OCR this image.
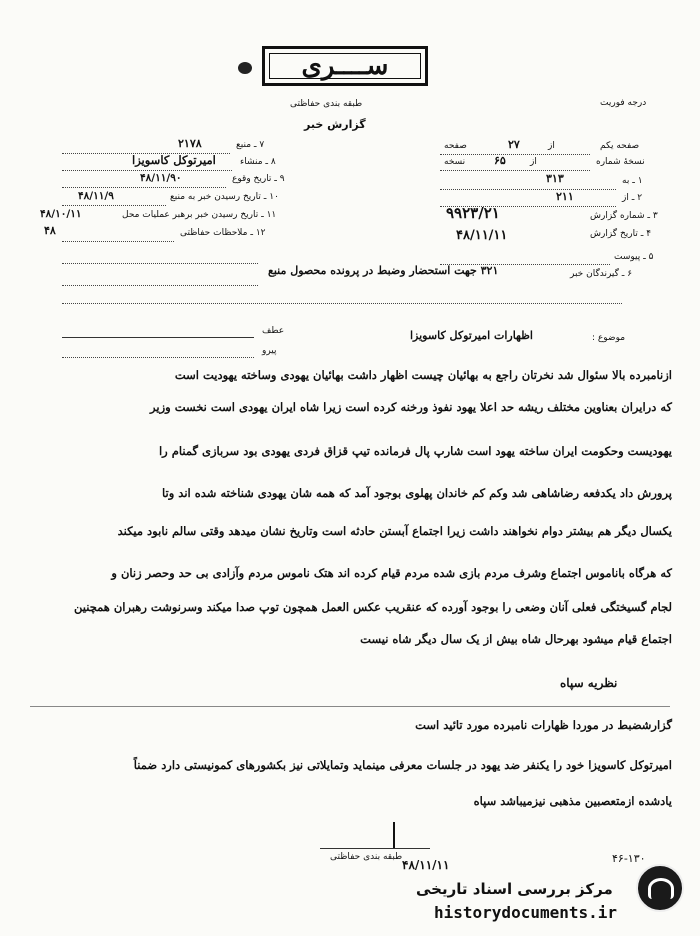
ســــری
درجه فوریت
طبقه بندی حفاظتی
گزارش خبر
۷ ـ منبع
۲۱۷۸
۸ ـ منشاء
امیرتوکل کاسویزا
۹ ـ تاریخ وقوع
۴۸/۱۱/۹۰
۱۰ ـ تاریخ رسیدن خبر به منبع
۴۸/۱۱/۹
۱۱ ـ تاریخ رسیدن خبر برهبر عملیات محل
۴۸/۱۰/۱۱
۱۲ ـ ملاحظات حفاظتی
۴۸
صفحه یکم
از
۲۷
صفحه
نسخهٔ شماره
از
۶۵
نسخه
۱ ـ به
۳۱۳
۲ ـ از
۲۱۱
۳ ـ شماره گزارش
۹۹۲۳/۲۱
۴ ـ تاریخ گزارش
۴۸/۱۱/۱۱
۵ ـ پیوست
۶ ـ گیرندگان خبر
۳۲۱ جهت استحضار وضبط در پرونده محصول منبع
عطف
پیرو
موضوع :
اظهارات امیرتوکل کاسویزا
ازنامبرده بالا سئوال شد نخرتان راجع به بهائیان چیست اظهار داشت بهائیان یهودی وساخته یهودیت است
که درایران بعناوین مختلف ریشه حد اعلا یهود نفوذ ورخنه کرده است زیرا شاه ایران یهودی است نخست وزیر
یهودیست وحکومت ایران ساخته یهود است شارپ پال فرمانده تیپ قزاق فردی یهودی بود سربازی گمنام را
پرورش داد یکدفعه رضاشاهی شد وکم کم خاندان پهلوی بوجود آمد که همه شان یهودی شناخته شده اند وتا
یکسال دیگر هم بیشتر دوام نخواهند داشت زیرا اجتماع آبستن حادثه است وتاریخ نشان میدهد وقتی سالم نابود میکند
که هرگاه باناموس اجتماع وشرف مردم بازی شده مردم قیام کرده اند هتک ناموس مردم وآزادی بی حد وحصر زنان و
لجام گسیختگی فعلی آنان وضعی را بوجود آورده که عنقریب عکس العمل همچون توپ صدا میکند وسرنوشت رهبران همچنین
اجتماع قیام میشود بهرحال شاه بیش از یک سال دیگر شاه نیست
نظریه سپاه
گزارشضبط در موردا ظهارات نامبرده مورد تائید است
امیرتوکل کاسویزا خود را یکنفر ضد یهود در جلسات معرفی مینماید وتمایلاتی نیز بکشورهای کمونیستی دارد ضمناً
یادشده ازمتعصبین مذهبی نیزمیباشد سپاه
طبقه بندی حفاظتی
۴۸/۱۱/۱۱	۴۶-۱۳۰
مرکز بررسی اسناد تاریخی
historydocuments.ir
